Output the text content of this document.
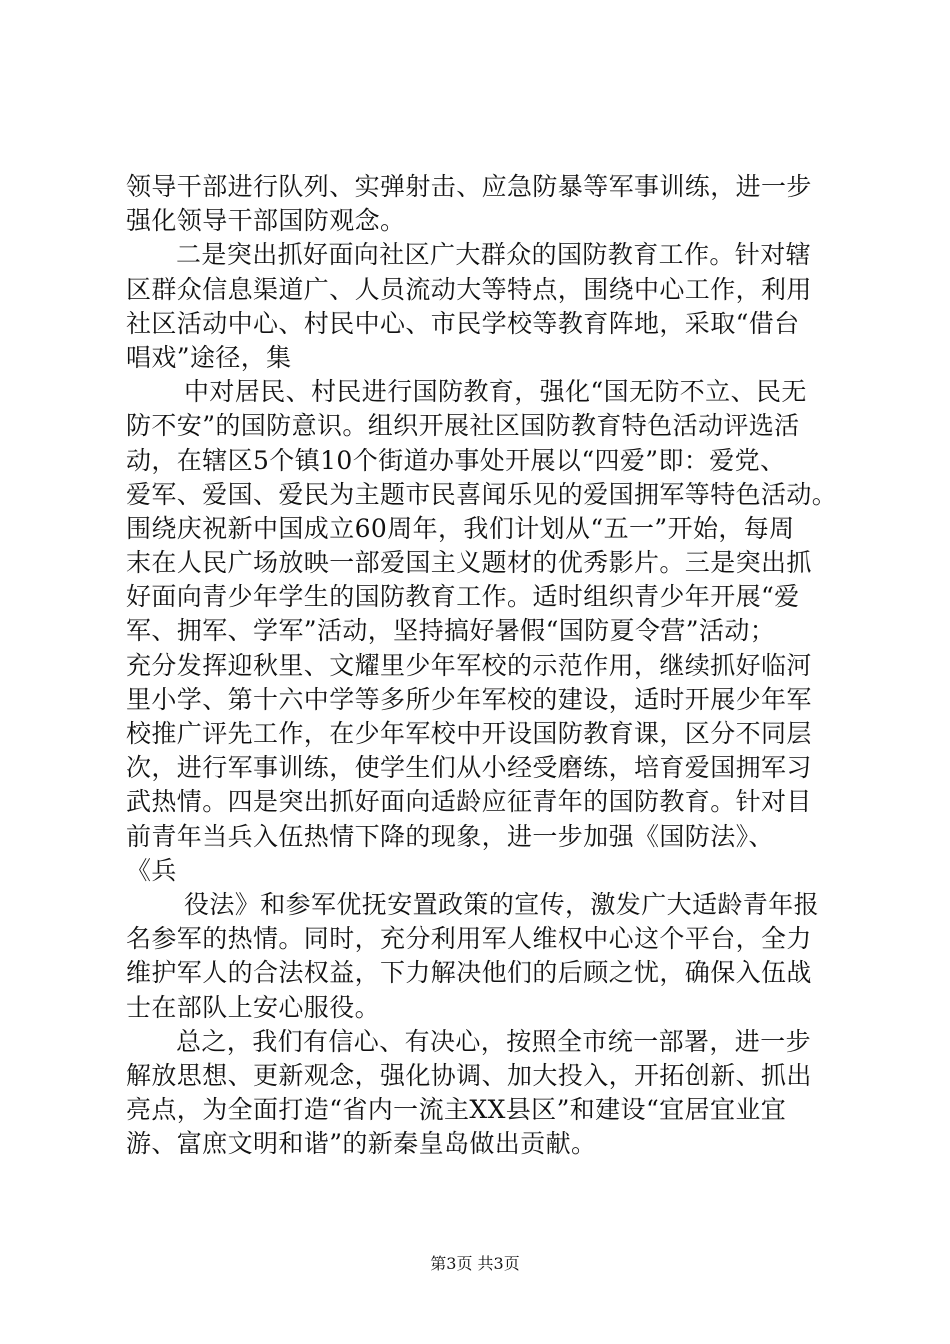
领导干部进行队列、实弹射击、应急防暴等军事训练，进一步
强化领导干部国防观念。
二是突出抓好面向社区广大群众的国防教育工作。针对辖
区群众信息渠道广、人员流动大等特点，围绕中心工作，利用
社区活动中心、村民中心、市民学校等教育阵地，采取“借台
唱戏”途径，集
中对居民、村民进行国防教育，强化“国无防不立、民无
防不安”的国防意识。组织开展社区国防教育特色活动评选活
动，在辖区5个镇10个街道办事处开展以“四爱”即：爱党、
爱军、爱国、爱民为主题市民喜闻乐见的爱国拥军等特色活动。
围绕庆祝新中国成立60周年，我们计划从“五一”开始，每周
末在人民广场放映一部爱国主义题材的优秀影片。三是突出抓
好面向青少年学生的国防教育工作。适时组织青少年开展“爱
军、拥军、学军”活动，坚持搞好暑假“国防夏令营”活动；
充分发挥迎秋里、文耀里少年军校的示范作用，继续抓好临河
里小学、第十六中学等多所少年军校的建设，适时开展少年军
校推广评先工作，在少年军校中开设国防教育课，区分不同层
次，进行军事训练，使学生们从小经受磨练，培育爱国拥军习
武热情。四是突出抓好面向适龄应征青年的国防教育。针对目
前青年当兵入伍热情下降的现象，进一步加强《国防法》、
《兵
役法》和参军优抚安置政策的宣传，激发广大适龄青年报
名参军的热情。同时，充分利用军人维权中心这个平台，全力
维护军人的合法权益，下力解决他们的后顾之忧，确保入伍战
士在部队上安心服役。
总之，我们有信心、有决心，按照全市统一部署，进一步
解放思想、更新观念，强化协调、加大投入，开拓创新、抓出
亮点，为全面打造“省内一流主XX县区”和建设“宜居宜业宜
游、富庶文明和谐”的新秦皇岛做出贡献。
第3页 共3页
